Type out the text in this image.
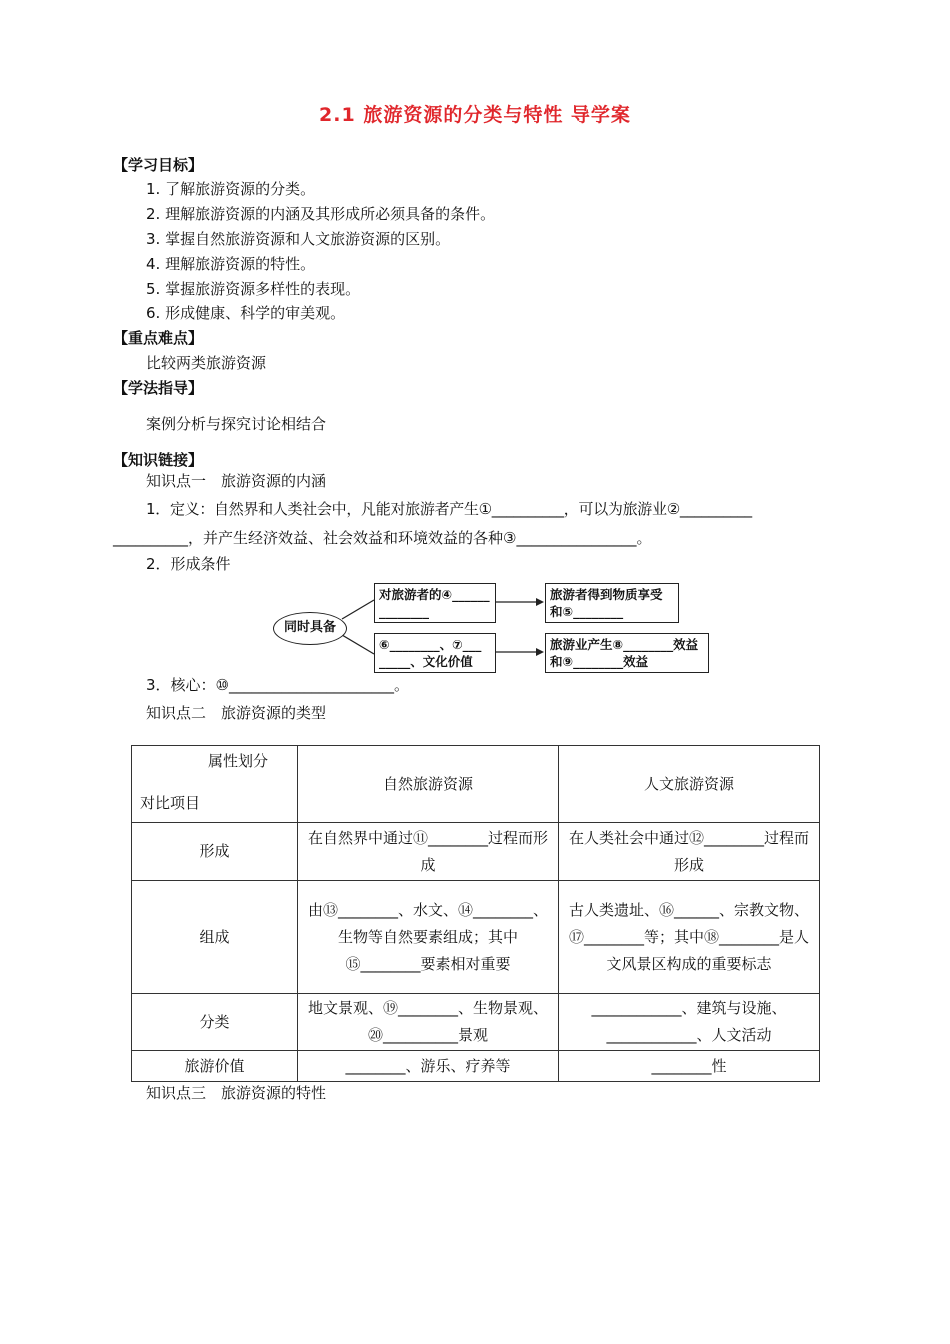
2.1 旅游资源的分类与特性 导学案
【学习目标】
1. 了解旅游资源的分类。
2. 理解旅游资源的内涵及其形成所必须具备的条件。
3. 掌握自然旅游资源和人文旅游资源的区别。
4. 理解旅游资源的特性。
5. 掌握旅游资源多样性的表现。
6. 形成健康、科学的审美观。
【重点难点】
比较两类旅游资源
【学法指导】
案例分析与探究讨论相结合
【知识链接】
知识点一　旅游资源的内涵
1．定义：自然界和人类社会中，凡能对旅游者产生①__________，可以为旅游业②__________
__________，并产生经济效益、社会效益和环境效益的各种③________________。
2．形成条件
同时具备
对旅游者的④______ ________
⑥________、⑦___ _____、文化价值
旅游者得到物质享受和⑤________
旅游业产生⑧________效益和⑨________效益
3．核心：⑩______________________。
知识点二　旅游资源的类型
属性划分
对比项目	自然旅游资源	人文旅游资源
形成	在自然界中通过⑪________过程而形成	在人类社会中通过⑫________过程而形成
组成	由⑬________、水文、⑭________、生物等自然要素组成；其中⑮________要素相对重要	古人类遗址、⑯______、宗教文物、⑰________等；其中⑱________是人文风景区构成的重要标志
分类	地文景观、⑲________、生物景观、⑳__________景观	____________、建筑与设施、____________、人文活动
旅游价值	________、游乐、疗养等	________性
知识点三　旅游资源的特性
